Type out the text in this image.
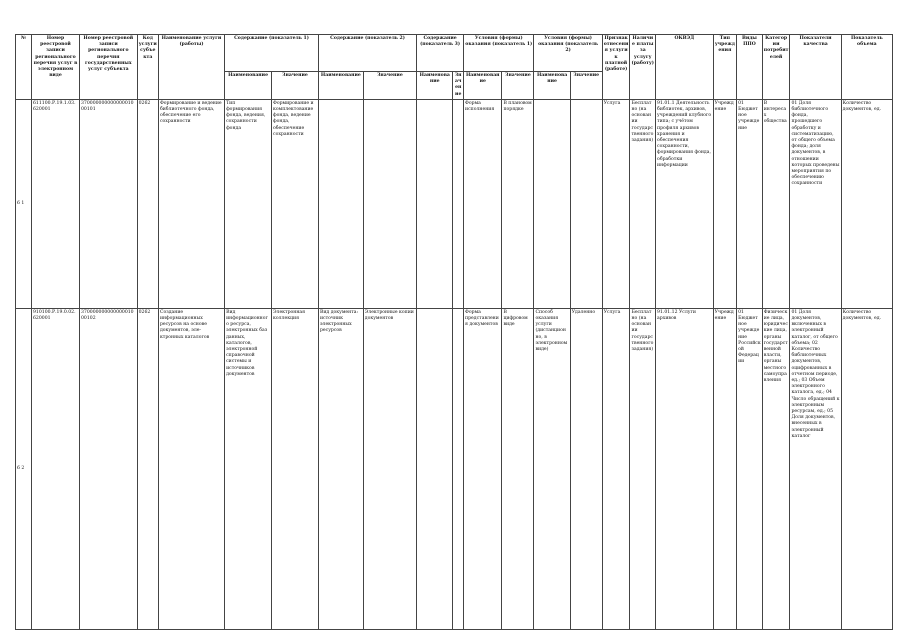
№	Номер реестровой записи регионального перечня услуг в электронном виде	Номер реестровой записи регионального перечня государственных услуг субъекта	Код услуги субъекта	Наименование услуги (работы)	Содержание (показатель 1)		Содержание (показатель 2)		Содержание (показатель 3)		Условия (формы) оказания (показатель 1)		Условия (формы) оказания (показатель 2)		Признак отнесения услуги к платной (работе)	Наличие платы за услугу (работу)	ОКВЭД	Тип учреждения	Виды ППО	Категории потребителей	Показатели качества	Показатель объема
					Наименование	Значение	Наименование	Значение	Наименование	Значение	Наименование	Значение	Наименование	Значение								
6 1	611100.Р.19.1.03.620001	37000000000000001000101	0262	Формирование и ведение библиотечного фонда, обеспечение его сохранности	Тип формирования фонда, ведения, сохранности фонда	Формирование и комплектование фонда, ведение фонда, обеспечение сохранности					Форма исполнения	В плановом порядке			Услуга	Бесплатно (на основании государственного задания)	91.01.1 Деятельность библиотек, архивов, учреждений клубного типа; с учётом профиля архивов хранения и обеспечения сохранности, формирования фонда, обработки информации	Учреждение	01 Бюджетное учреждение	В интересах общества	01 Доля библиотечного фонда, прошедшего обработку и систематизацию, от общего объема фонда; доля документов, в отношении которых проведены мероприятия по обеспечению сохранности	Количество документов, ед.
6 2	910100.Р.19.0.02.620001	37000000000000001000102	0262	Создание информационных ресурсов на основе документов, эле- ктронных каталогов	Вид информационного ресурса, электронных баз данных, каталогов, электронной справочной системы и источников документов	Электронная коллекция	Вид документа: источник электронных ресурсов	Электронные копии документов			Форма представления документов	В цифровом виде	Способ оказания услуги (дистанционно, в электронном виде)	Удаленно	Услуга	Бесплатно (на основании государственного задания)	91.01.12 Услуги архивов	Учреждение	01 Бюджетное учреждение Российской Федерации	Физические лица, юридические лица, органы государственной власти, органы местного самоуправления	01 Доля документов, включенных в электронный каталог, от общего объема; 02 Количество библиотечных документов, оцифрованных в отчетном периоде, ед.; 03 Объем электронного каталога, ед.; 04 Число обращений к электронным ресурсам, ед.; 05 Доля документов, внесенных в электронный каталог	Количество документов, ед.
